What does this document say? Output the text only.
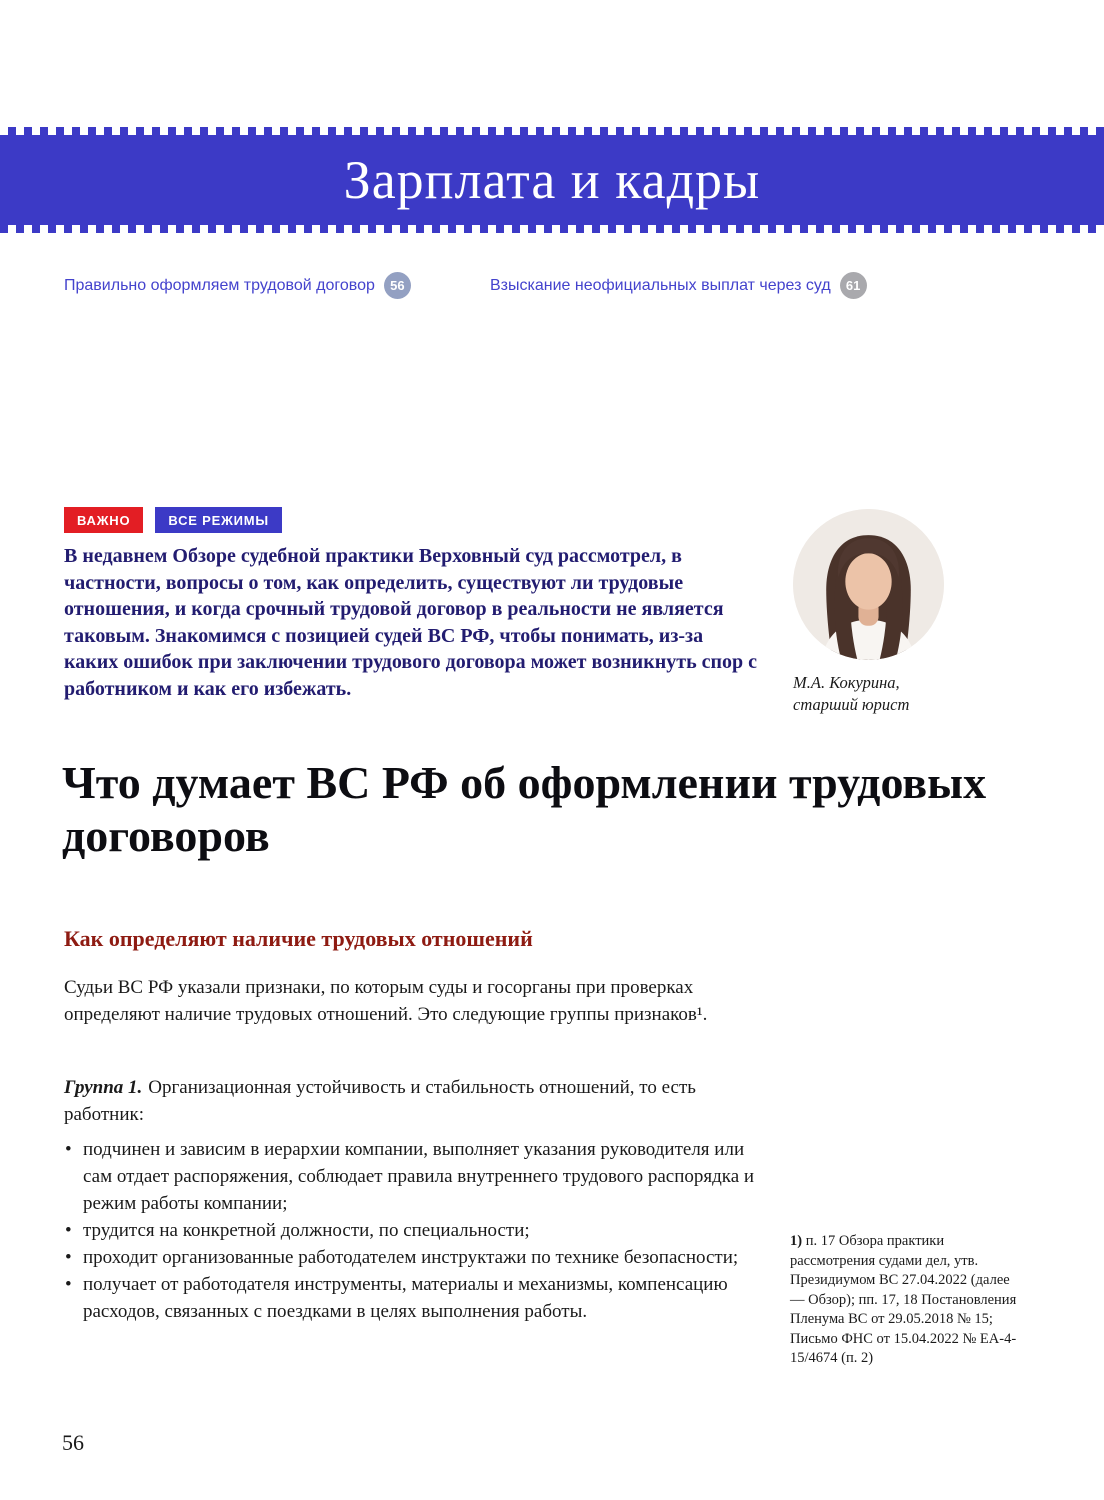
Зарплата и кадры
Правильно оформляем трудовой договор	56	Взыскание неофициальных выплат через суд	61
ВАЖНО	ВСЕ РЕЖИМЫ

В недавнем Обзоре судебной практики Верховный суд рассмотрел, в частности, вопросы о том, как определить, существуют ли трудовые отношения, и когда срочный трудовой договор в реальности не является таковым. Знакомимся с позицией судей ВС РФ, чтобы понимать, из-за каких ошибок при заключении трудового договора может возникнуть спор с работником и как его избежать.	М.А. Кокурина,
старший юрист
Что думает ВС РФ об оформлении трудовых договоров
Как определяют наличие трудовых отношений

Судьи ВС РФ указали признаки, по которым суды и госорганы при проверках определяют наличие трудовых отношений. Это следующие группы признаков¹.

Группа 1. Организационная устойчивость и стабильность отношений, то есть работник:

• подчинен и зависим в иерархии компании, выполняет указания руководителя или сам отдает распоряжения, соблюдает правила внутреннего трудового распорядка и режим работы компании;
• трудится на конкретной должности, по специальности;
• проходит организованные работодателем инструктажи по технике безопасности;
• получает от работодателя инструменты, материалы и механизмы, компенсацию расходов, связанных с поездками в целях выполнения работы.
1) п. 17 Обзора практики рассмотрения судами дел, утв. Президиумом ВС 27.04.2022 (далее — Обзор); пп. 17, 18 Постановления Пленума ВС от 29.05.2018 № 15; Письмо ФНС от 15.04.2022 № ЕА-4-15/4674 (п. 2)
56
